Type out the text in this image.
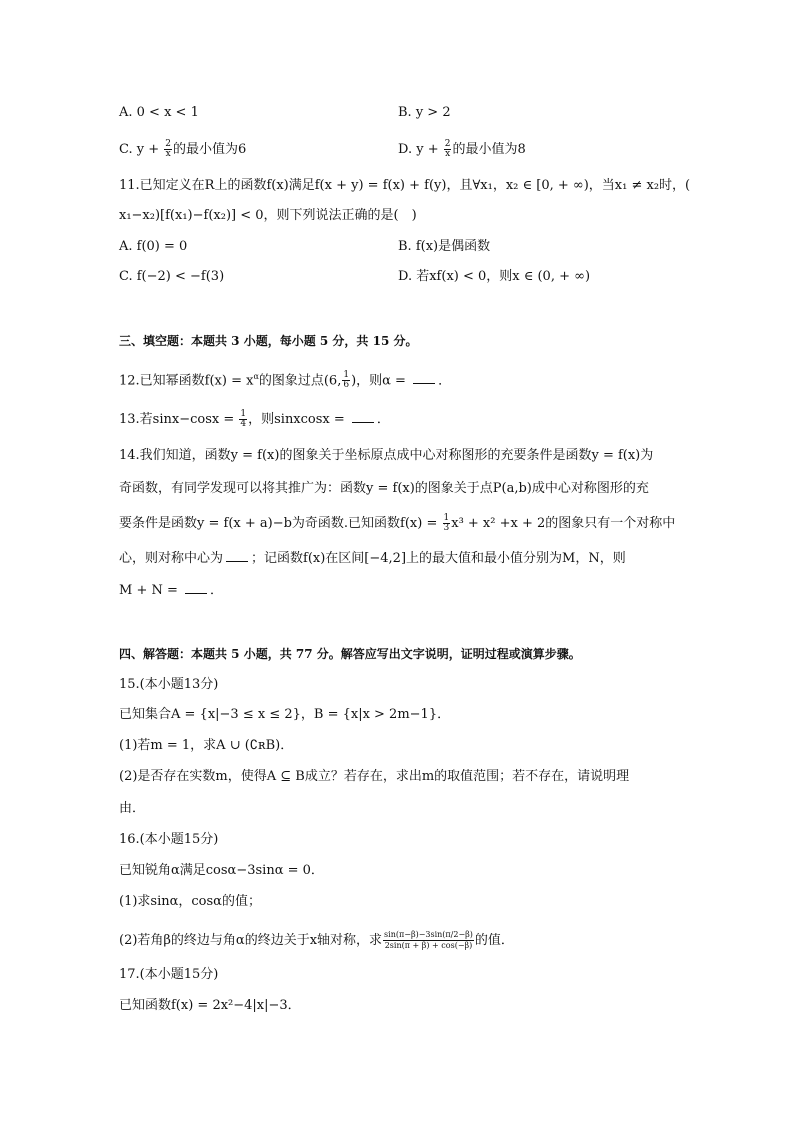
A. 0 < x < 1	B. y > 2
C. $y + \frac{2}{x}$ 的最小值为6	D. $y + \frac{2}{x}$ 的最小值为8
11.已知定义在R上的函数f(x)满足f(x + y) = f(x) + f(y)，且∀x₁，x₂ ∈ [0, + ∞)，当x₁ ≠ x₂时，(
x₁−x₂)[f(x₁)−f(x₂)] < 0，则下列说法正确的是(　)
A. f(0) = 0	B. f(x)是偶函数
C. f(−2) < −f(3)	D. 若xf(x) < 0，则x ∈ (0, + ∞)
三、填空题：本题共 3 小题，每小题 5 分，共 15 分。
12.已知幂函数$f(x) = x^\alpha$的图象过点(6, $\frac{1}{6}$ )，则α = ．
13.若$\sin x-\cos x = \frac{1}{4}$ ，则sinxcosx = ．
14.我们知道，函数y = f(x)的图象关于坐标原点成中心对称图形的充要条件是函数y = f(x)为
奇函数，有同学发现可以将其推广为：函数y = f(x)的图象关于点P(a,b)成中心对称图形的充
要条件是函数y = f(x + a)−b为奇函数.已知函数$f(x) = \frac{1}{3} x^3 + x^2 +x + 2$的图象只有一个对称中
心，则对称中心为 ；记函数f(x)在区间[−4,2]上的最大值和最小值分别为M，N，则
M + N = ．
四、解答题：本题共 5 小题，共 77 分。解答应写出文字说明，证明过程或演算步骤。
15.(本小题13分)
已知集合A = {x|−3 ≤ x ≤ 2}，B = {x|x > 2m−1}．
(1)若m = 1，求A ∪ (∁ʀB)．
(2)是否存在实数m，使得A ⊆ B成立？若存在，求出m的取值范围；若不存在，请说明理
由．
16.(本小题15分)
已知锐角α满足cosα−3sinα = 0．
(1)求sinα，cosα的值；
(2)若角β的终边与角α的终边关于x轴对称，求 $\frac{\sin(\pi-\beta)-3\sin(\pi/2-\beta)}{2\sin(\pi + \beta) + \cos(-\beta)}$ 的值．
17.(本小题15分)
已知函数f(x) = 2x²−4|x|−3．
